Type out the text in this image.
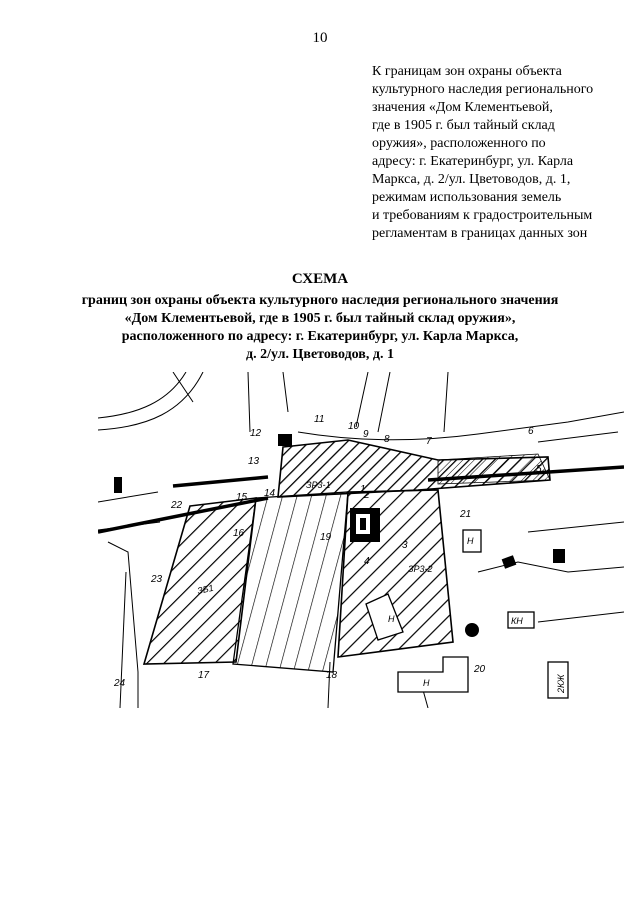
10
К границам зон охраны объекта
культурного наследия регионального
значения «Дом Клементьевой,
где в 1905 г. был тайный склад
оружия», расположенного по
адресу: г. Екатеринбург, ул. Карла
Маркса, д. 2/ул. Цветоводов, д. 1,
режимам использования земель
и требованиям к градостроительным
регламентам в границах данных зон
СХЕМА
границ зон охраны объекта культурного наследия регионального значения
«Дом Клементьевой, где в 1905 г. был тайный склад оружия»,
расположенного по адресу: г. Екатеринбург, ул. Карла Маркса,
д. 2/ул. Цветоводов, д. 1
1
2
3
4
5
6
7
8
9
10
11
12
13
14
15
16
17	18
19
20
21
22
23
24
ЗР3-1
ЗР3-2
ЗБ1
Н
Н
Н
КН
2КЖ
